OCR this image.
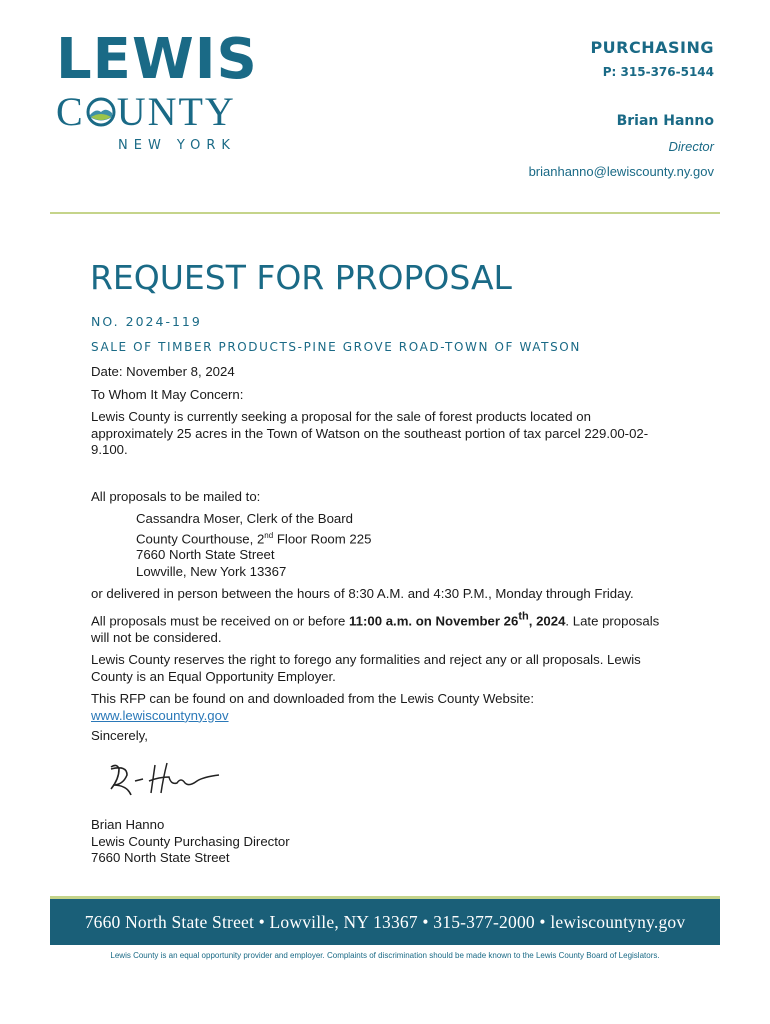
LEWIS
C UNTY
NEW YORK
PURCHASING
P: 315-376-5144
Brian Hanno
Director
brianhanno@lewiscounty.ny.gov
REQUEST FOR PROPOSAL
NO. 2024-119
SALE OF TIMBER PRODUCTS-PINE GROVE ROAD-TOWN OF WATSON

Date: November 8, 2024

To Whom It May Concern:

Lewis County is currently seeking a proposal for the sale of forest products located on approximately 25 acres in the Town of Watson on the southeast portion of tax parcel 229.00-02-9.100.

All proposals to be mailed to:

Cassandra Moser, Clerk of the Board
County Courthouse, 2nd Floor Room 225
7660 North State Street
Lowville, New York 13367

or delivered in person between the hours of 8:30 A.M. and 4:30 P.M., Monday through Friday.

All proposals must be received on or before 11:00 a.m. on November 26th, 2024. Late proposals will not be considered.

Lewis County reserves the right to forego any formalities and reject any or all proposals. Lewis County is an Equal Opportunity Employer.

This RFP can be found on and downloaded from the Lewis County Website:
www.lewiscountyny.gov

Sincerely,

Brian Hanno
Lewis County Purchasing Director
7660 North State Street
7660 North State Street • Lowville, NY 13367 • 315-377-2000 • lewiscountyny.gov
Lewis County is an equal opportunity provider and employer. Complaints of discrimination should be made known to the Lewis County Board of Legislators.
